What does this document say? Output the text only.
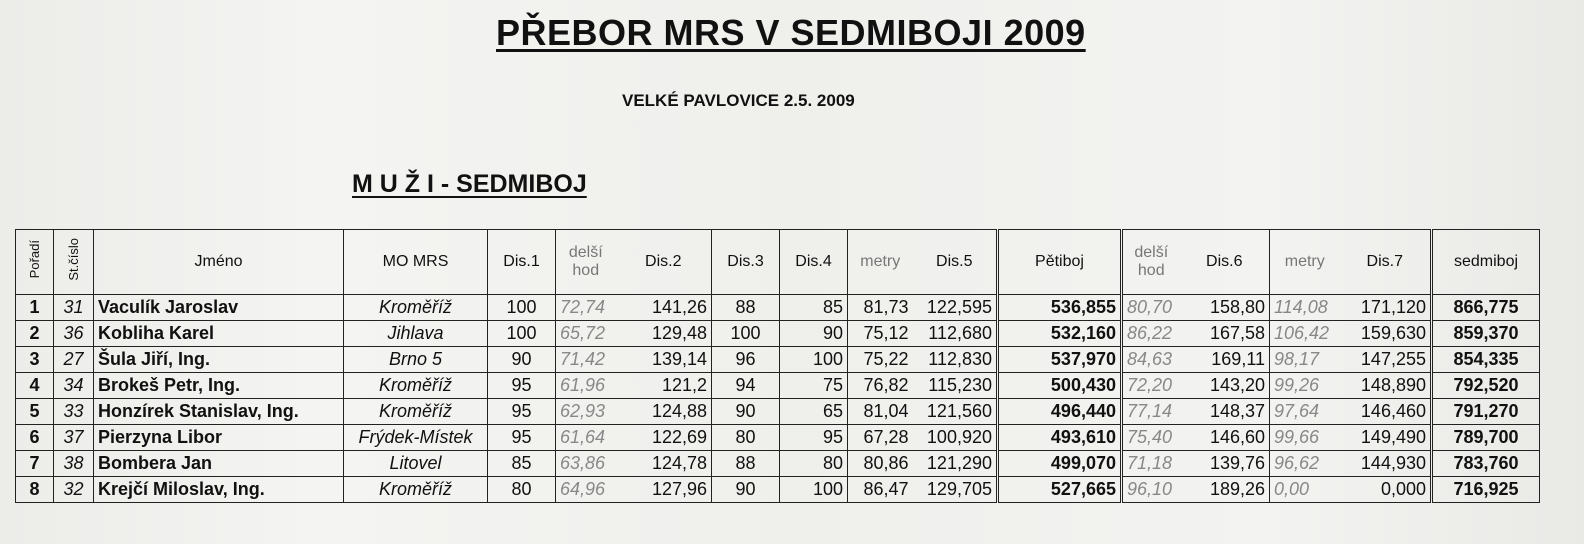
PŘEBOR MRS V SEDMIBOJI 2009
VELKÉ PAVLOVICE 2.5. 2009
M U Ž I - SEDMIBOJ
Pořadí	St.číslo	Jméno	MO MRS	Dis.1	delší
hod	Dis.2	Dis.3	Dis.4	metry	Dis.5	Pětiboj	delší
hod	Dis.6	metry	Dis.7	sedmiboj
1	31	Vaculík Jaroslav	Kroměříž	100	72,74	141,26	88	85	81,73	122,595	536,855	80,70	158,80	114,08	171,120	866,775
2	36	Kobliha Karel	Jihlava	100	65,72	129,48	100	90	75,12	112,680	532,160	86,22	167,58	106,42	159,630	859,370
3	27	Šula Jiří, Ing.	Brno 5	90	71,42	139,14	96	100	75,22	112,830	537,970	84,63	169,11	98,17	147,255	854,335
4	34	Brokeš Petr, Ing.	Kroměříž	95	61,96	121,2	94	75	76,82	115,230	500,430	72,20	143,20	99,26	148,890	792,520
5	33	Honzírek Stanislav, Ing.	Kroměříž	95	62,93	124,88	90	65	81,04	121,560	496,440	77,14	148,37	97,64	146,460	791,270
6	37	Pierzyna Libor	Frýdek-Místek	95	61,64	122,69	80	95	67,28	100,920	493,610	75,40	146,60	99,66	149,490	789,700
7	38	Bombera Jan	Litovel	85	63,86	124,78	88	80	80,86	121,290	499,070	71,18	139,76	96,62	144,930	783,760
8	32	Krejčí Miloslav, Ing.	Kroměříž	80	64,96	127,96	90	100	86,47	129,705	527,665	96,10	189,26	0,00	0,000	716,925
